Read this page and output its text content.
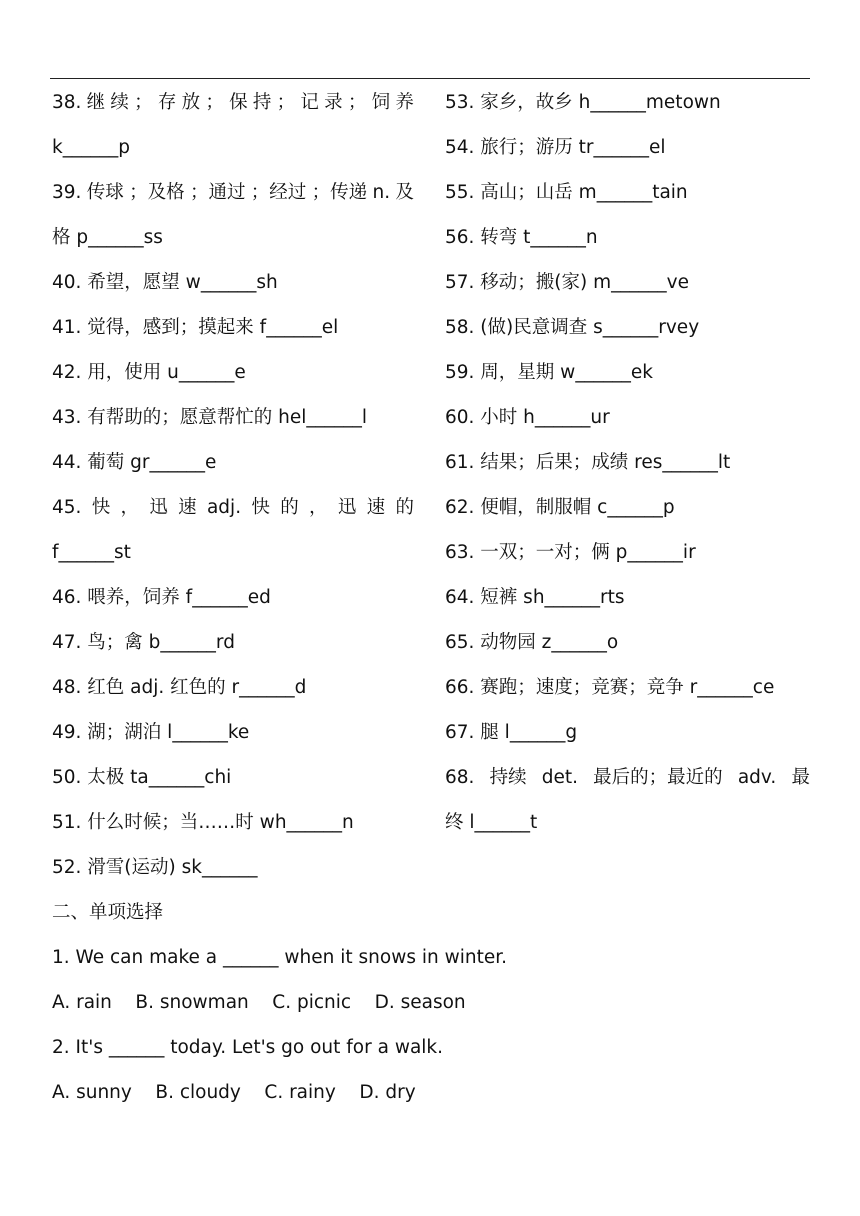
38. 继 续 ； 存 放 ； 保 持 ； 记 录 ； 饲 养
k______p
39. 传球 ；及格 ；通过 ；经过 ；传递 n. 及
格 p______ss
40. 希望，愿望 w______sh
41. 觉得，感到；摸起来 f______el
42. 用，使用 u______e
43. 有帮助的；愿意帮忙的 hel______l
44. 葡萄 gr______e
45. 快 ， 迅 速 adj. 快 的 ， 迅 速 的
f______st
46. 喂养，饲养 f______ed
47. 鸟；禽 b______rd
48. 红色 adj. 红色的 r______d
49. 湖；湖泊 l______ke
50. 太极 ta______chi
51. 什么时候；当……时 wh______n
52. 滑雪(运动) sk______
53. 家乡，故乡 h______metown
54. 旅行；游历 tr______el
55. 高山；山岳 m______tain
56. 转弯 t______n
57. 移动；搬(家) m______ve
58. (做)民意调查 s______rvey
59. 周，星期 w______ek
60. 小时 h______ur
61. 结果；后果；成绩 res______lt
62. 便帽，制服帽 c______p
63. 一双；一对；俩 p______ir
64. 短裤 sh______rts
65. 动物园 z______o
66. 赛跑；速度；竞赛；竞争 r______ce
67. 腿 l______g
68. 持续 det. 最后的；最近的 adv. 最
终 l______t
二、单项选择
1. We can make a ______ when it snows in winter.
A. rain    B. snowman    C. picnic    D. season
2. It's ______ today. Let's go out for a walk.
A. sunny    B. cloudy    C. rainy    D. dry
